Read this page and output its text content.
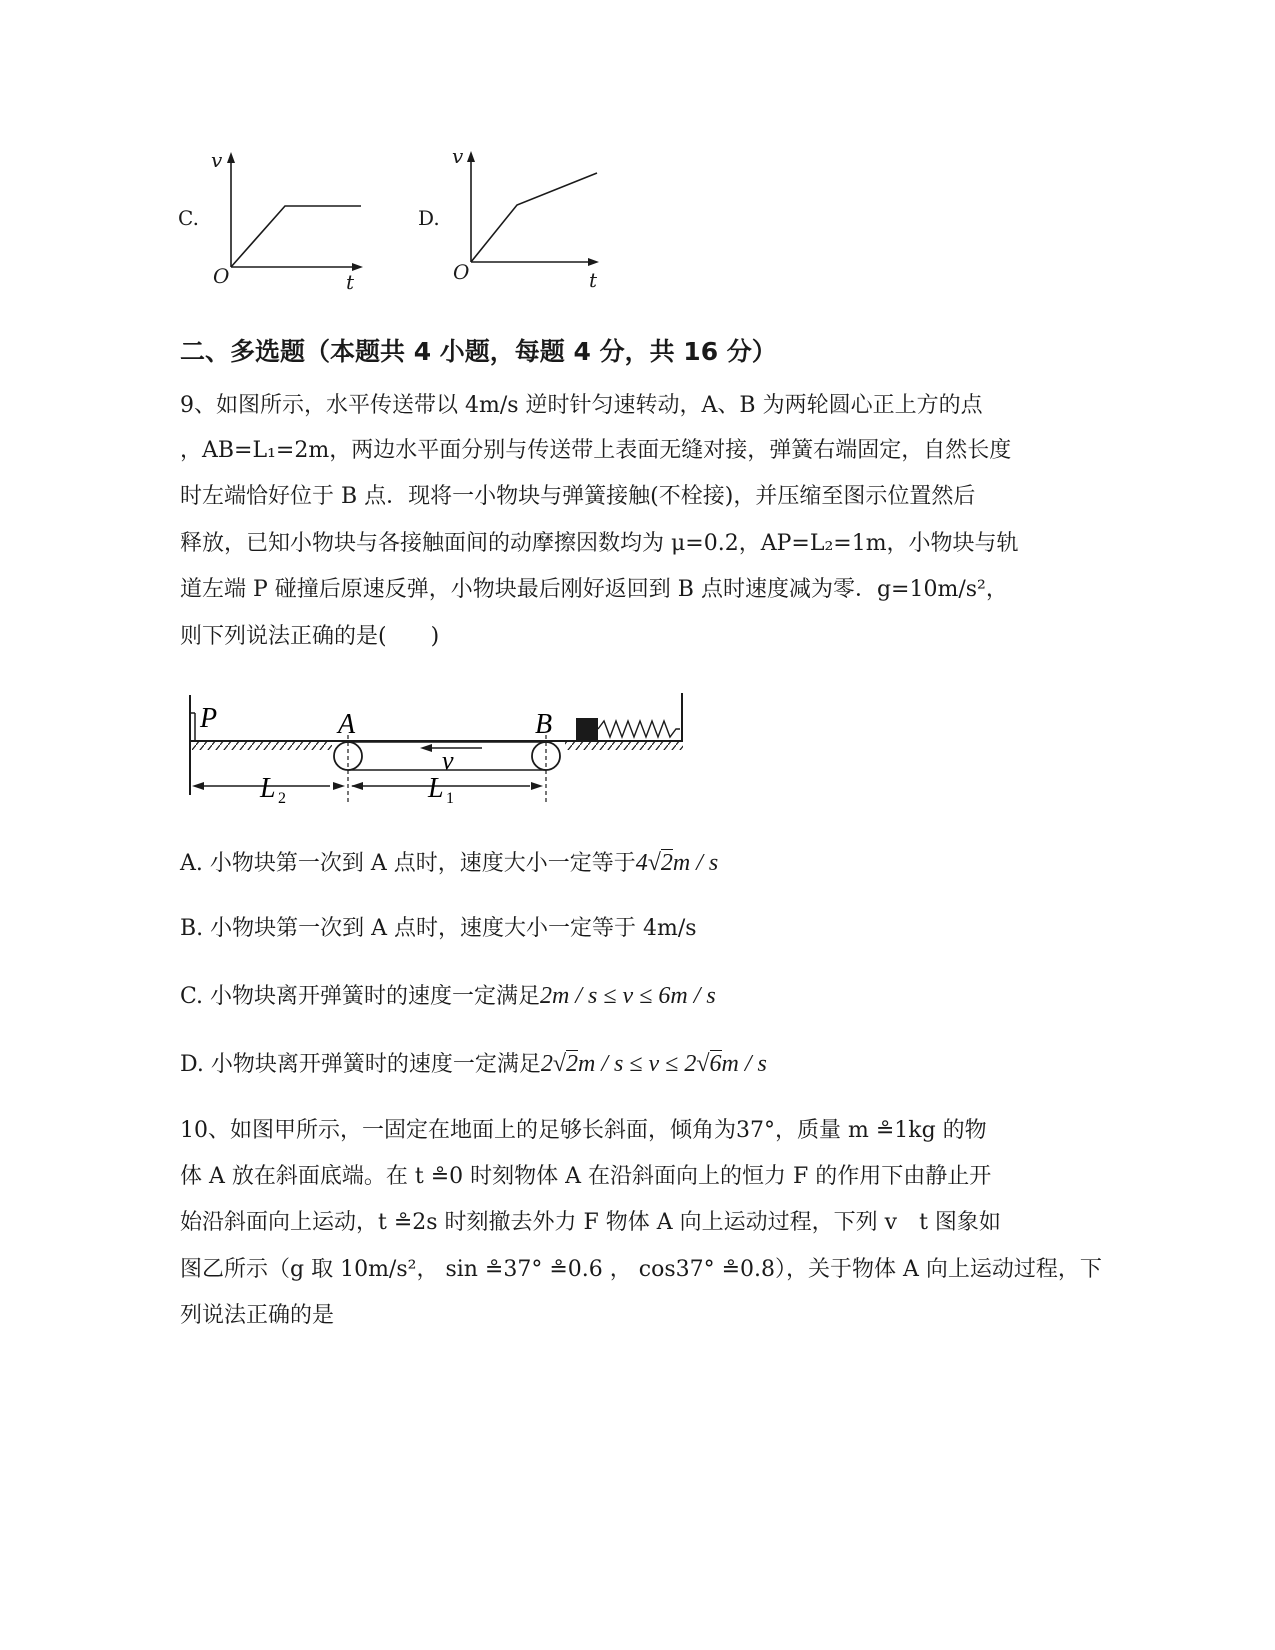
C.
v
O	t
D.
v
O	t
二、多选题（本题共 4 小题，每题 4 分，共 16 分）
9、如图所示，水平传送带以 4m/s 逆时针匀速转动，A、B 为两轮圆心正上方的点
，AB=L₁=2m，两边水平面分别与传送带上表面无缝对接，弹簧右端固定，自然长度
时左端恰好位于 B 点．现将一小物块与弹簧接触(不栓接)，并压缩至图示位置然后
释放，已知小物块与各接触面间的动摩擦因数均为 μ=0.2，AP=L₂=1m，小物块与轨
道左端 P 碰撞后原速反弹，小物块最后刚好返回到 B 点时速度减为零．g=10m/s²，
则下列说法正确的是(　　)
P	A	B
v
L 2	L 1
A. 小物块第一次到 A 点时，速度大小一定等于4√2m / s
B. 小物块第一次到 A 点时，速度大小一定等于 4m/s
C. 小物块离开弹簧时的速度一定满足2m / s ≤ v ≤ 6m / s
D. 小物块离开弹簧时的速度一定满足2√2m / s ≤ v ≤ 2√6m / s
10、如图甲所示，一固定在地面上的足够长斜面，倾角为37°，质量 m ≗1kg 的物
体 A 放在斜面底端。在 t ≗0 时刻物体 A 在沿斜面向上的恒力 F 的作用下由静止开
始沿斜面向上运动，t ≗2s 时刻撤去外力 F 物体 A 向上运动过程，下列 v　t 图象如
图乙所示（g 取 10m/s²， sin ≗37° ≗0.6 ， cos37° ≗0.8），关于物体 A 向上运动过程，下
列说法正确的是
